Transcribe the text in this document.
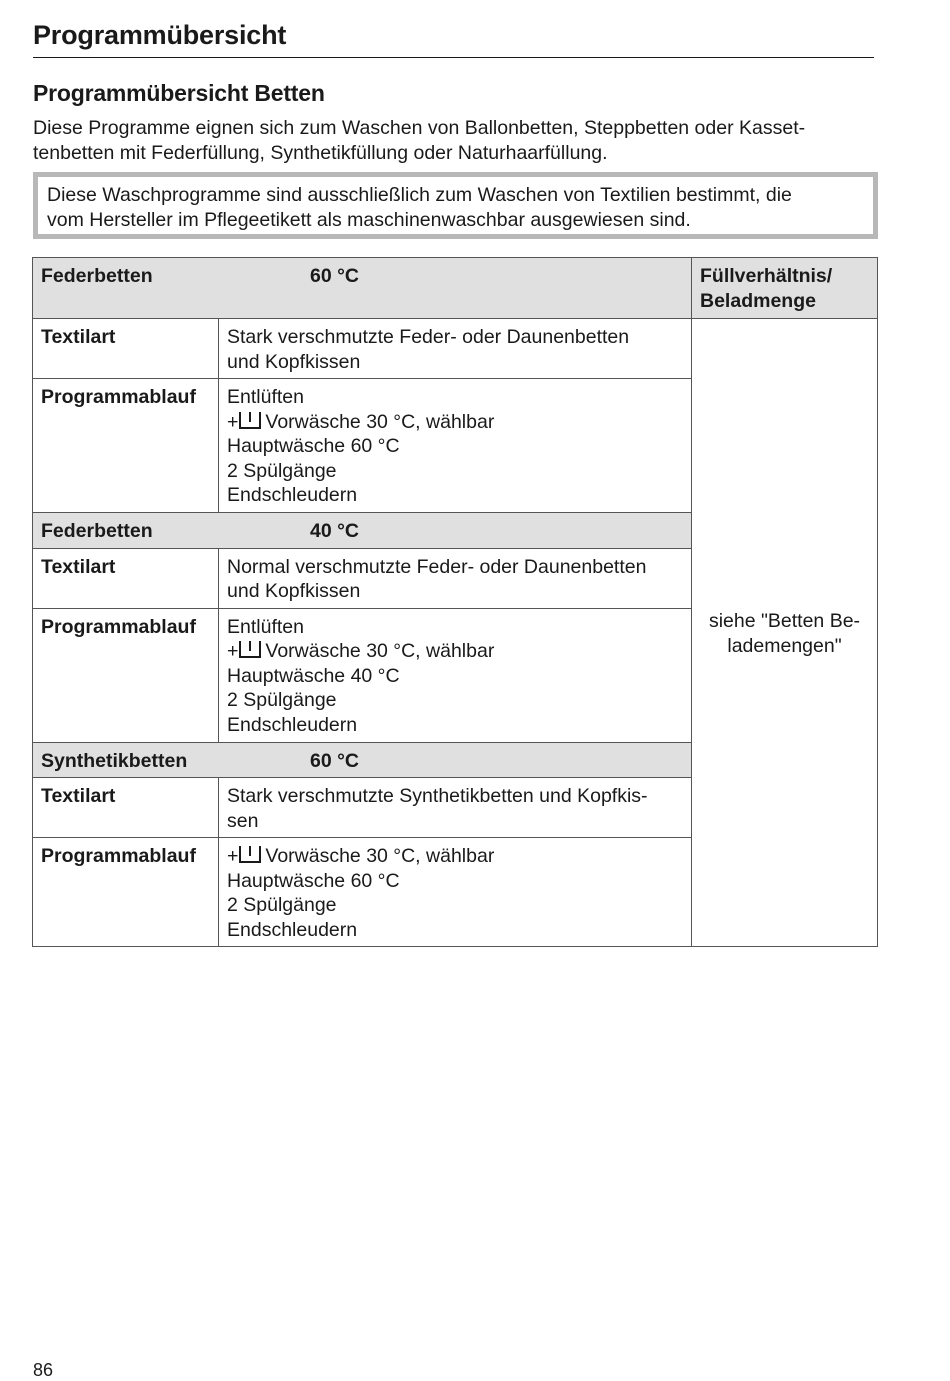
Programmübersicht
Programmübersicht Betten
Diese Programme eignen sich zum Waschen von Ballonbetten, Steppbetten oder Kasset-
tenbetten mit Federfüllung, Synthetikfüllung oder Naturhaarfüllung.
Diese Waschprogramme sind ausschließlich zum Waschen von Textilien bestimmt, die
vom Hersteller im Pflegeetikett als maschinenwaschbar ausgewiesen sind.
Federbetten 60 °C		Füllverhältnis/
Beladmenge

Textilart	Stark verschmutzte Feder- oder Daunenbetten
und Kopfkissen	siehe "Betten Be-
lademengen"

Programmablauf	Entlüften
+ Vorwäsche 30 °C, wählbar
Hauptwäsche 60 °C
2 Spülgänge
Endschleudern	

Federbetten 40 °C		

Textilart	Normal verschmutzte Feder- oder Daunenbetten
und Kopfkissen	

Programmablauf	Entlüften
+ Vorwäsche 30 °C, wählbar
Hauptwäsche 40 °C
2 Spülgänge
Endschleudern	

Synthetikbetten 60 °C		

Textilart	Stark verschmutzte Synthetikbetten und Kopfkis-
sen	

Programmablauf	+ Vorwäsche 30 °C, wählbar
Hauptwäsche 60 °C
2 Spülgänge
Endschleudern	
86
